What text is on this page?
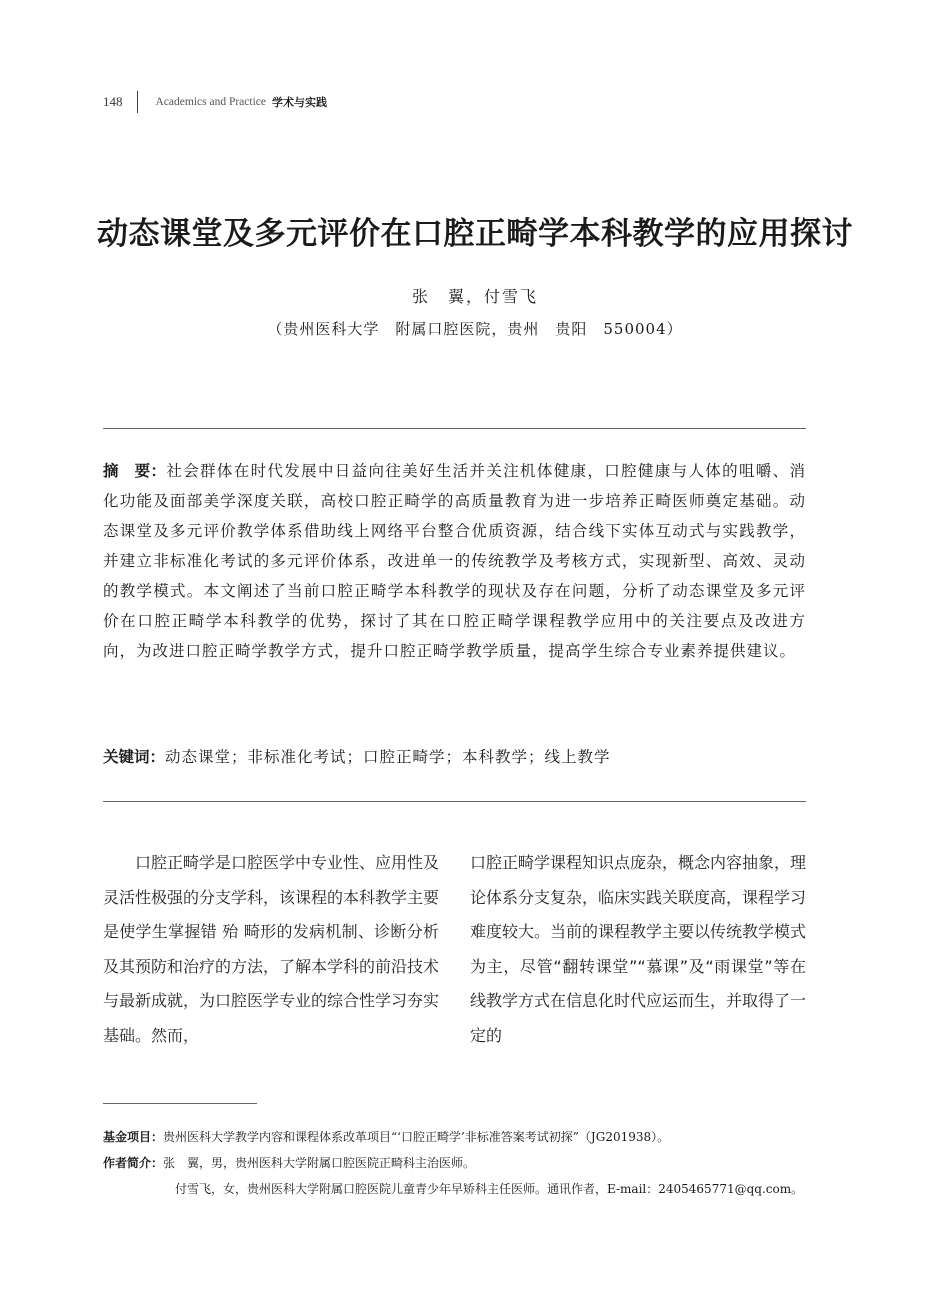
148	Academics and Practice 学术与实践
动态课堂及多元评价在口腔正畸学本科教学的应用探讨
张　翼，付雪飞
（贵州医科大学　附属口腔医院，贵州　贵阳　550004）
摘　要：社会群体在时代发展中日益向往美好生活并关注机体健康，口腔健康与人体的咀嚼、消化功能及面部美学深度关联，高校口腔正畸学的高质量教育为进一步培养正畸医师奠定基础。动态课堂及多元评价教学体系借助线上网络平台整合优质资源，结合线下实体互动式与实践教学，并建立非标准化考试的多元评价体系，改进单一的传统教学及考核方式，实现新型、高效、灵动的教学模式。本文阐述了当前口腔正畸学本科教学的现状及存在问题，分析了动态课堂及多元评价在口腔正畸学本科教学的优势，探讨了其在口腔正畸学课程教学应用中的关注要点及改进方向，为改进口腔正畸学教学方式，提升口腔正畸学教学质量，提高学生综合专业素养提供建议。
关键词：动态课堂；非标准化考试；口腔正畸学；本科教学；线上教学
口腔正畸学是口腔医学中专业性、应用性及灵活性极强的分支学科，该课程的本科教学主要是使学生掌握错 殆 畸形的发病机制、诊断分析及其预防和治疗的方法，了解本学科的前沿技术与最新成就，为口腔医学专业的综合性学习夯实基础。然而，
口腔正畸学课程知识点庞杂，概念内容抽象，理论体系分支复杂，临床实践关联度高，课程学习难度较大。当前的课程教学主要以传统教学模式为主，尽管“翻转课堂”“慕课”及“雨课堂”等在线教学方式在信息化时代应运而生，并取得了一定的
基金项目：贵州医科大学教学内容和课程体系改革项目“‘口腔正畸学’非标准答案考试初探”（JG201938）。
作者简介：张　翼，男，贵州医科大学附属口腔医院正畸科主治医师。
付雪飞，女，贵州医科大学附属口腔医院儿童青少年早矫科主任医师。通讯作者，E-mail：2405465771@qq.com。
